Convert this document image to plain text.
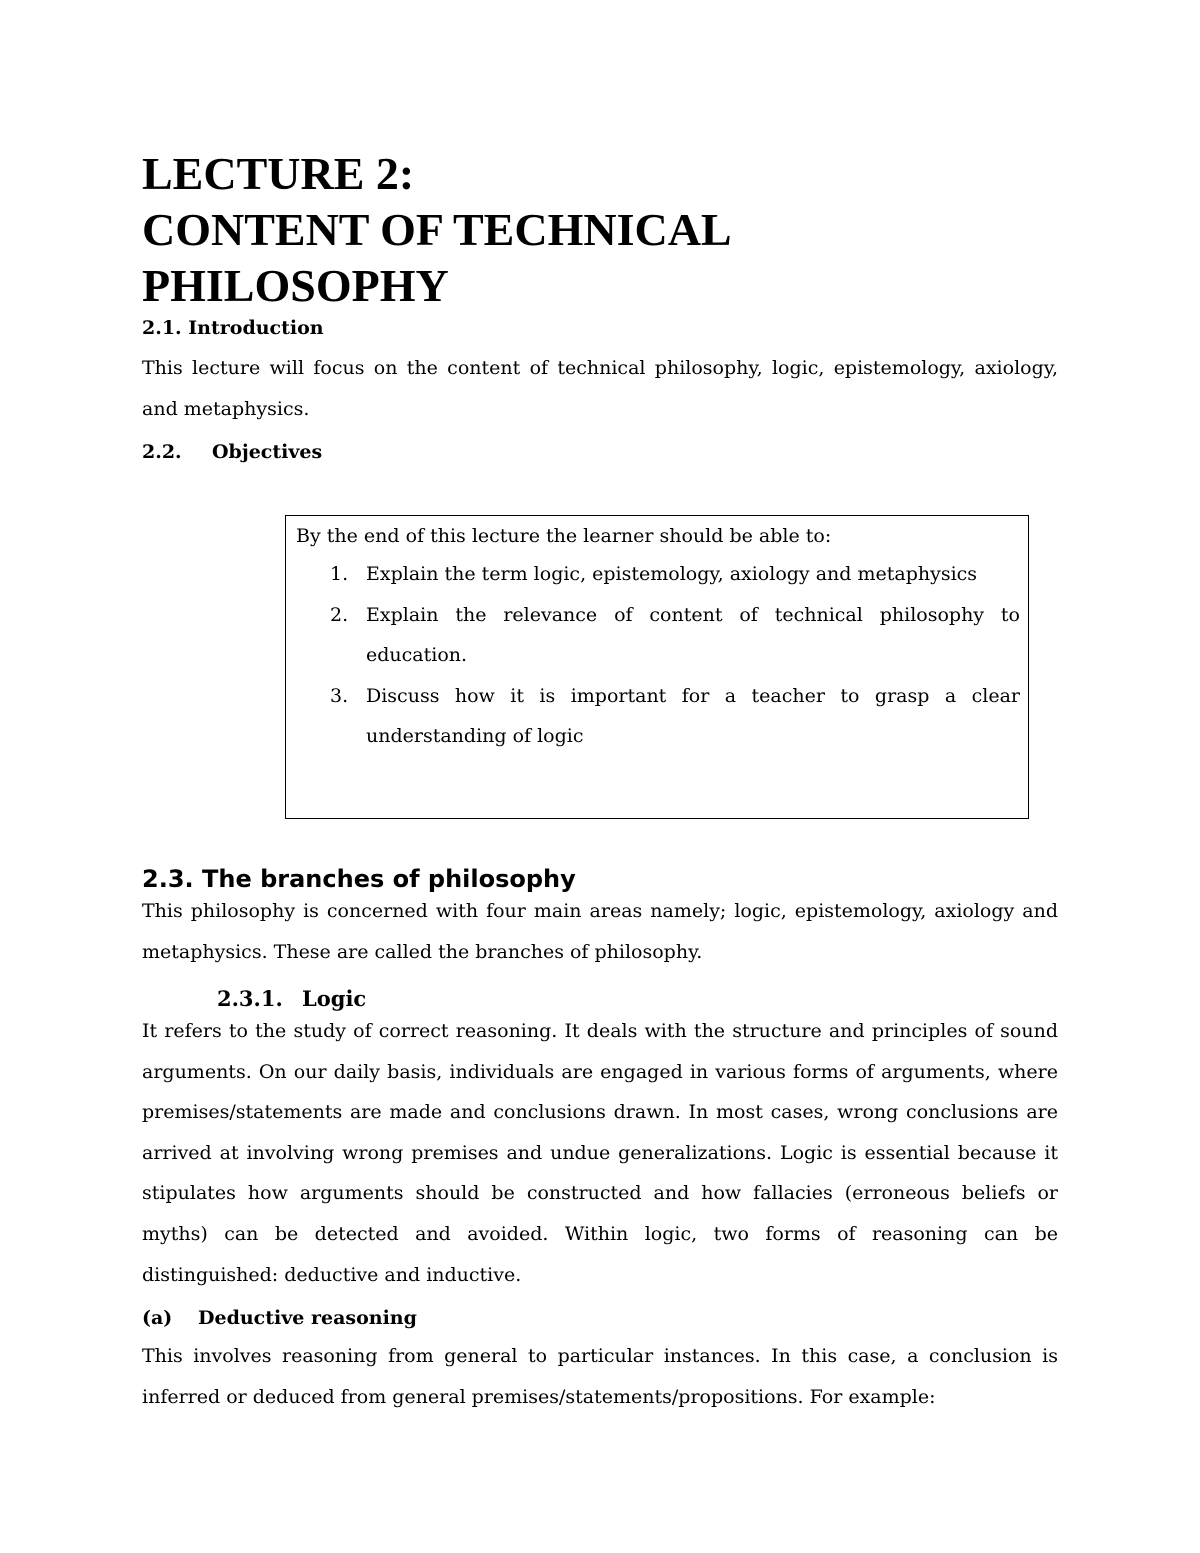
LECTURE 2:
CONTENT OF TECHNICAL
PHILOSOPHY
2.1. Introduction

This lecture will focus on the content of technical philosophy, logic, epistemology, axiology, and metaphysics.

2.2. Objectives

By the end of this lecture the learner should be able to:

1. Explain the term logic, epistemology, axiology and metaphysics
2. Explain the relevance of content of technical philosophy to education.
3. Discuss how it is important for a teacher to grasp a clear understanding of logic
2.3. The branches of philosophy

This philosophy is concerned with four main areas namely; logic, epistemology, axiology and metaphysics. These are called the branches of philosophy.

2.3.1. Logic

It refers to the study of correct reasoning. It deals with the structure and principles of sound arguments. On our daily basis, individuals are engaged in various forms of arguments, where premises/statements are made and conclusions drawn. In most cases, wrong conclusions are arrived at involving wrong premises and undue generalizations. Logic is essential because it stipulates how arguments should be constructed and how fallacies (erroneous beliefs or myths) can be detected and avoided. Within logic, two forms of reasoning can be distinguished: deductive and inductive.

(a) Deductive reasoning

This involves reasoning from general to particular instances. In this case, a conclusion is inferred or deduced from general premises/statements/propositions. For example:
